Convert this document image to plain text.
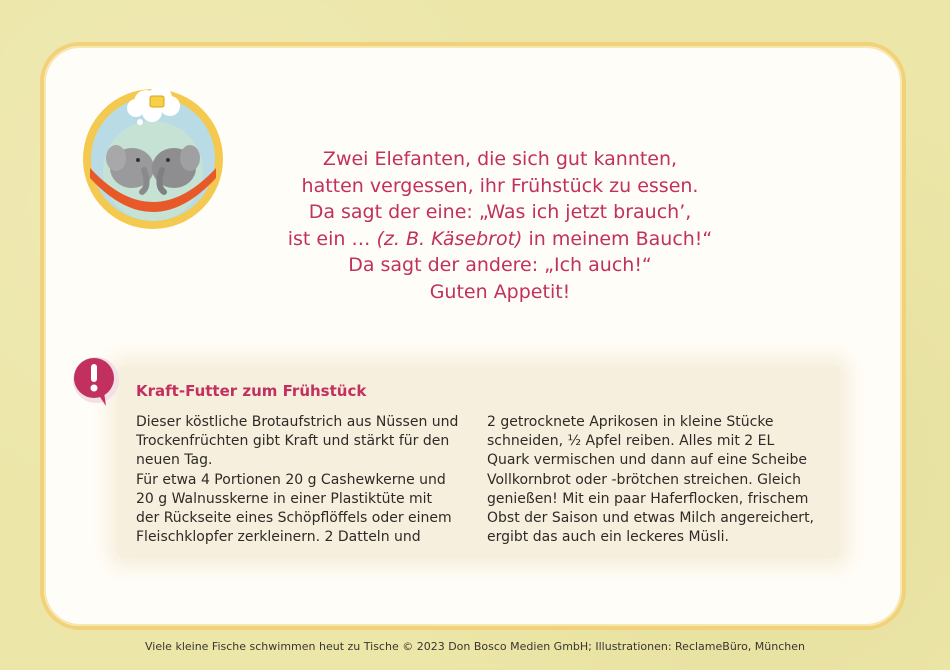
Zwei Elefanten, die sich gut kannten,
hatten vergessen, ihr Frühstück zu essen.
Da sagt der eine: „Was ich jetzt brauch’,
ist ein … (z. B. Käsebrot) in meinem Bauch!“
Da sagt der andere: „Ich auch!“
Guten Appetit!
Kraft-Futter zum Frühstück
Dieser köstliche Brotaufstrich aus Nüssen und
Trockenfrüchten gibt Kraft und stärkt für den
neuen Tag.
Für etwa 4 Portionen 20 g Cashewkerne und
20 g Walnusskerne in einer Plastiktüte mit
der Rückseite eines Schöpflöffels oder einem
Fleischklopfer zerkleinern. 2 Datteln und
2 getrocknete Aprikosen in kleine Stücke
schneiden, ½ Apfel reiben. Alles mit 2 EL
Quark vermischen und dann auf eine Scheibe
Vollkornbrot oder -brötchen streichen. Gleich
genießen! Mit ein paar Haferflocken, frischem
Obst der Saison und etwas Milch angereichert,
ergibt das auch ein leckeres Müsli.
Viele kleine Fische schwimmen heut zu Tische © 2023 Don Bosco Medien GmbH; Illustrationen: ReclameBüro, München
